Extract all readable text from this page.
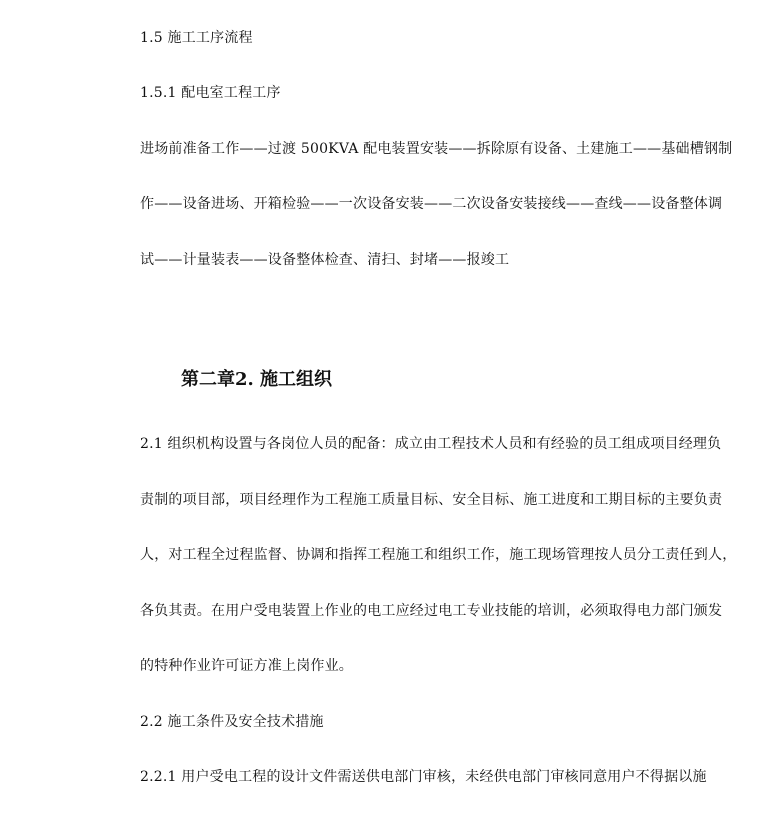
1.5 施工工序流程
1.5.1 配电室工程工序
进场前准备工作——过渡 500KVA 配电装置安装——拆除原有设备、土建施工——基础槽钢制
作——设备进场、开箱检验——一次设备安装——二次设备安装接线——查线——设备整体调
试——计量装表——设备整体检查、清扫、封堵——报竣工
第二章2. 施工组织
2.1 组织机构设置与各岗位人员的配备：成立由工程技术人员和有经验的员工组成项目经理负
责制的项目部，项目经理作为工程施工质量目标、安全目标、施工进度和工期目标的主要负责
人，对工程全过程监督、协调和指挥工程施工和组织工作，施工现场管理按人员分工责任到人，
各负其责。在用户受电装置上作业的电工应经过电工专业技能的培训，必须取得电力部门颁发
的特种作业许可证方准上岗作业。
2.2 施工条件及安全技术措施
2.2.1 用户受电工程的设计文件需送供电部门审核，未经供电部门审核同意用户不得据以施
